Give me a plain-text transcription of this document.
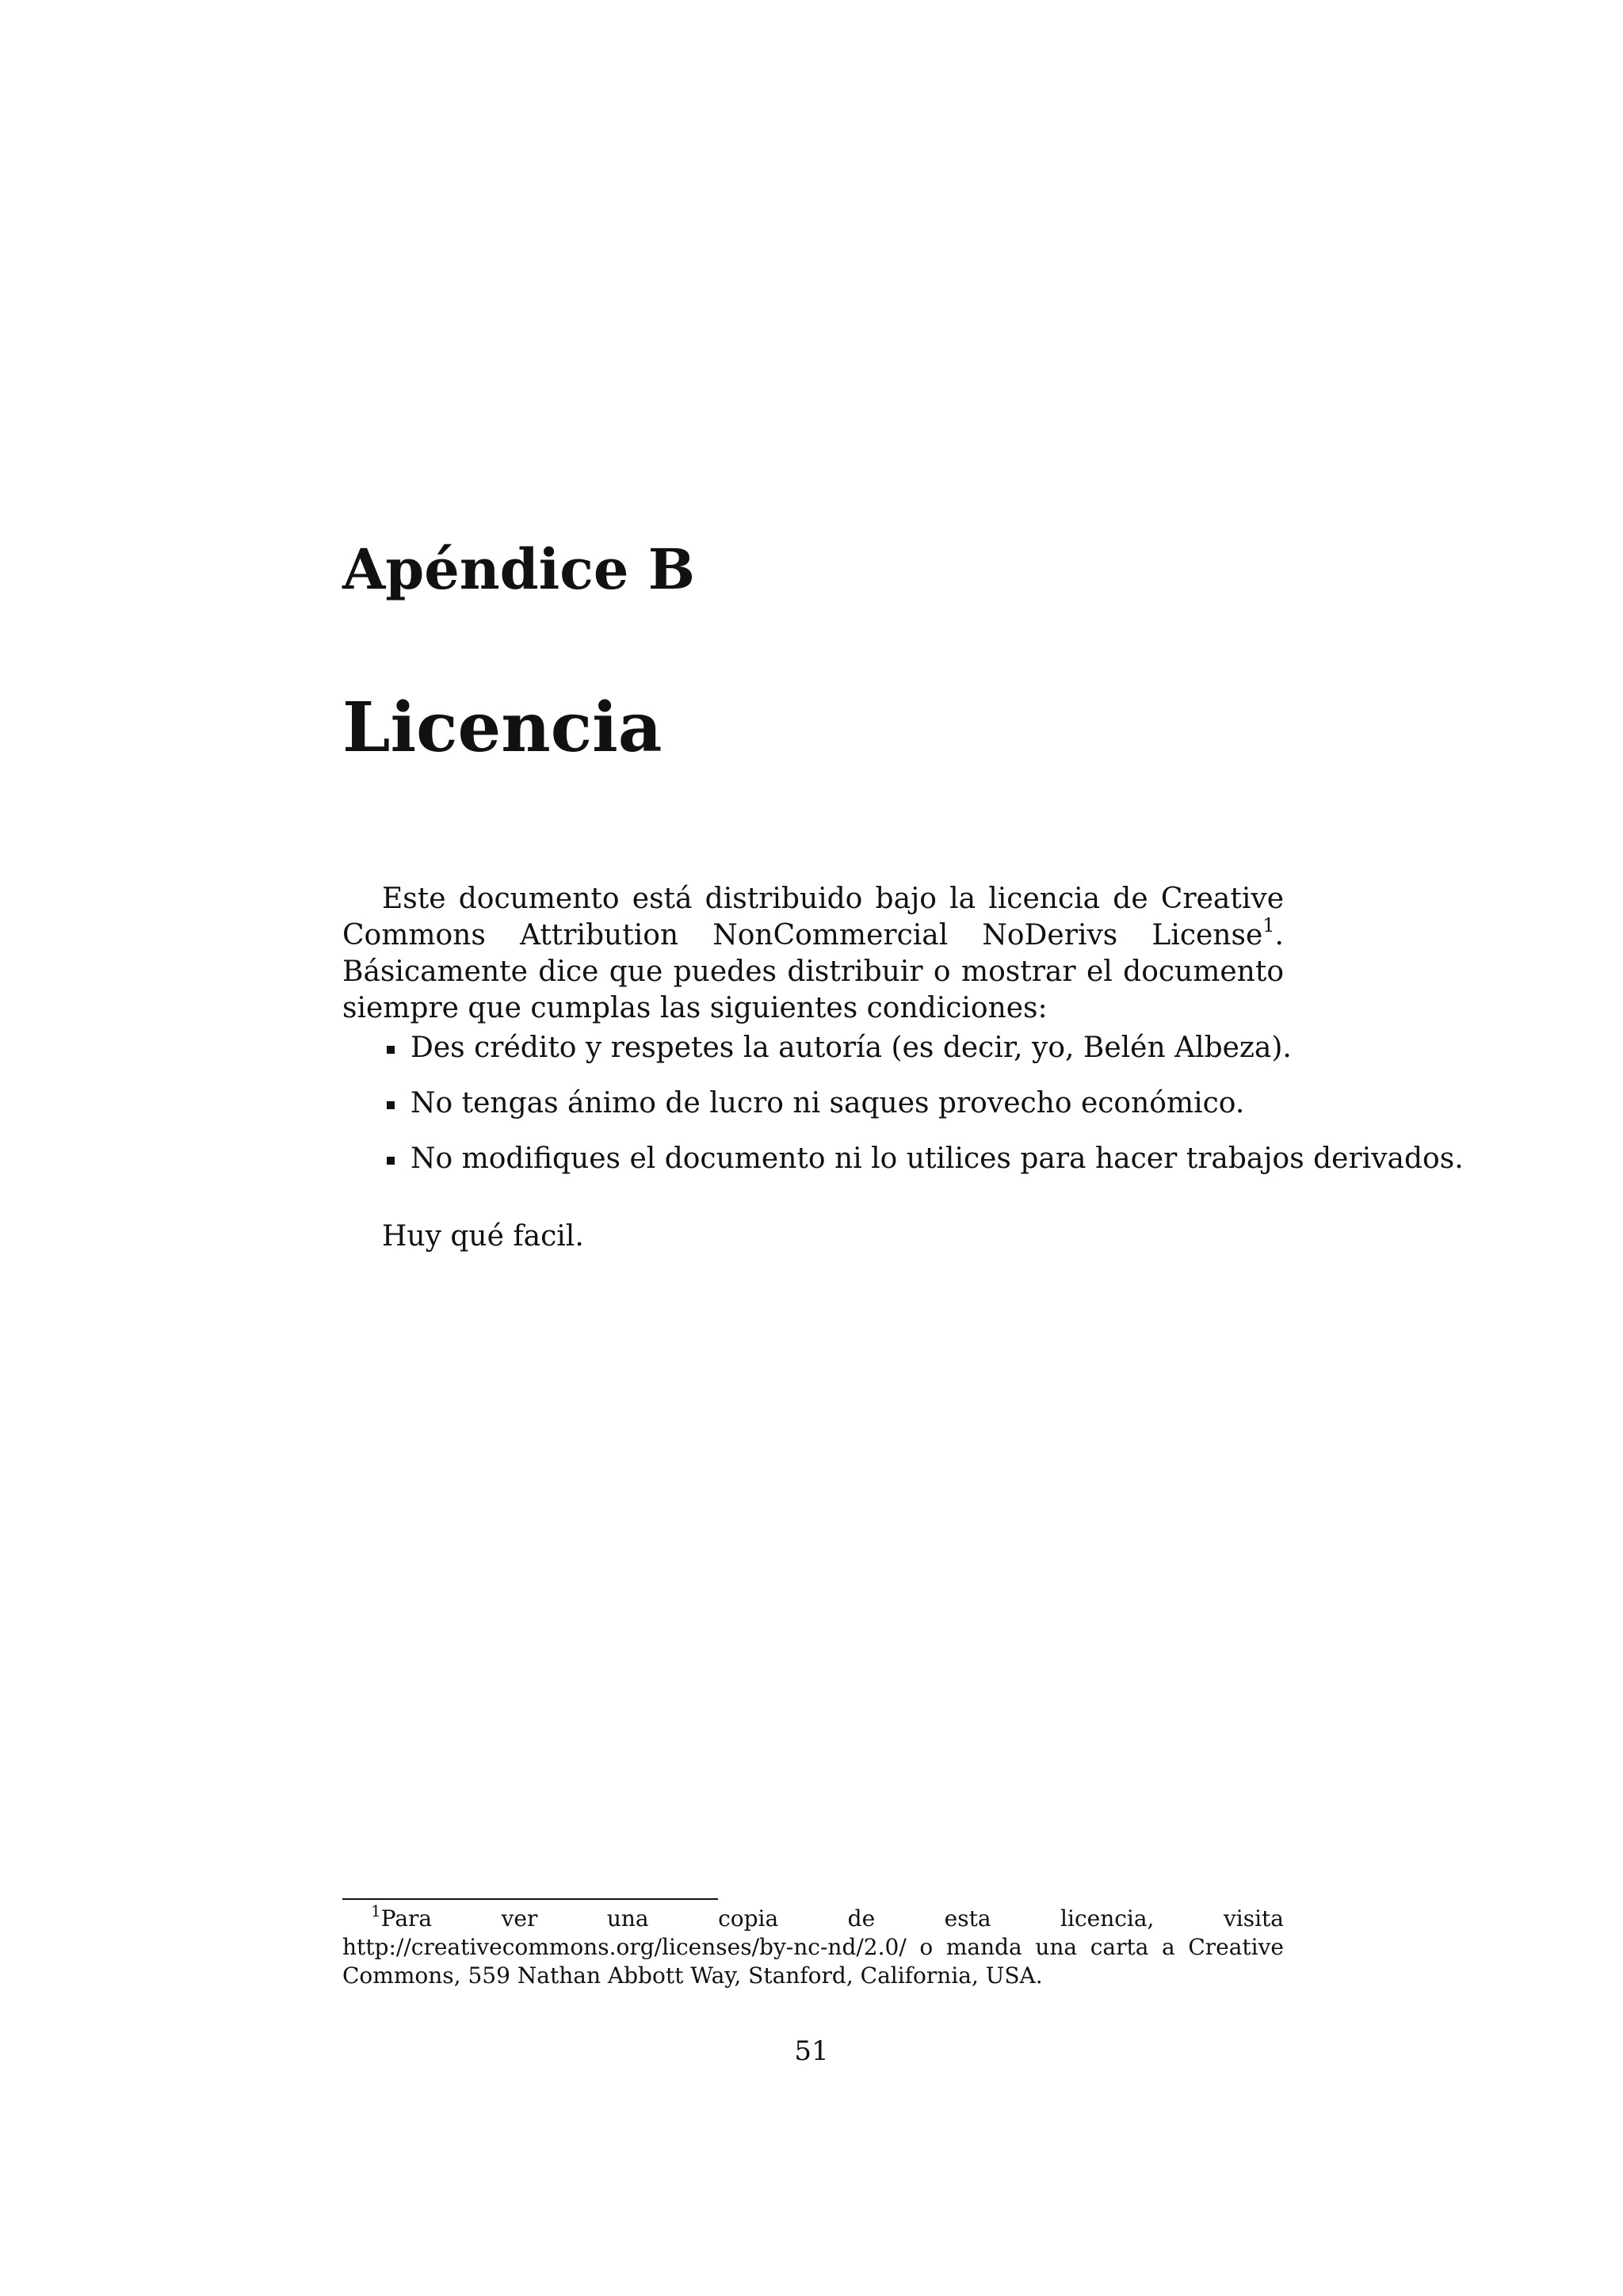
Apéndice B
Licencia
Este documento está distribuido bajo la licencia de Creative Commons Attribution NonCommercial NoDerivs License$^1$. Básicamente dice que puedes distribuir o mostrar el documento siempre que cumplas las siguientes condiciones:
Des crédito y respetes la autoría (es decir, yo, Belén Albeza).
No tengas ánimo de lucro ni saques provecho económico.
No modifiques el documento ni lo utilices para hacer trabajos derivados.
Huy qué facil.
$^1$Para ver una copia de esta licencia, visita http://creativecommons.org/licenses/by-nc-nd/2.0/ o manda una carta a Creative Commons, 559 Nathan Abbott Way, Stanford, California, USA.
51
